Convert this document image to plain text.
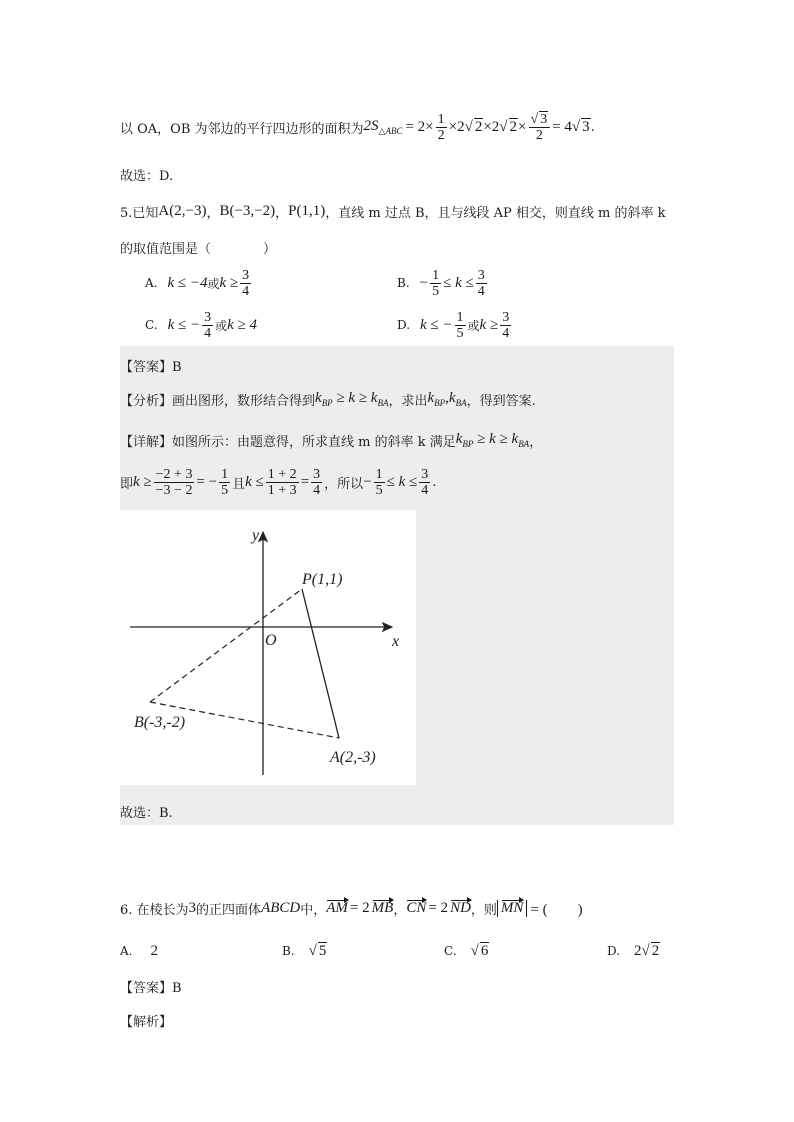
以 OA，OB 为邻边的平行四边形的面积为 $2S_{\triangle ABC} = 2\times \frac{1}{2} \times 2$ √ 2 ×2 √ $2 \times \frac{√ 3}{2} = 4$ √ 3 .
故选：D.
5.已知 A(2,−3) ， B(−3,−2) ， P(1,1) ，直线 m 过点 B，且与线段 AP 相交，则直线 m 的斜率 k
的取值范围是（　　　　）
A. k ≤ −4 或 $k \ge \frac{3}{4}$	B. − $\frac{1}{5} \le k \le \frac{3}{4}$
C. k ≤ − $\frac{3}{4}$ 或 k ≥ 4	D. k ≤ − $\frac{1}{5}$ 或 $k \ge \frac{3}{4}$
【答案】B
【分析】画出图形，数形结合得到 $k_{BP} \ge k \ge k_{BA}$ ，求出 $k_{BP},k_{BA}$ ，得到答案.
【详解】如图所示：由题意得，所求直线 m 的斜率 k 满足 $k_{BP} \ge k \ge k_{BA}$ ，
即 $k \ge \frac{-2 + 3}{-3 - 2}$ = − $\frac{1}{5}$ 且 $k \le \frac{1 + 2}{1 + 3} = \frac{3}{4}$ ，所以 − $\frac{1}{5} \le k \le \frac{3}{4}$ .
y
x
O
P(1,1)
B(-3,-2)
A(2,-3)
故选：B.
6. 在棱长为 3 的正四面体 ABCD 中， AM = 2 MB ， CN = 2 ND ，则 MN = (　　)
A. 2	B. √ 5	C. √ 6	D. 2 √ 2
【答案】B
【解析】
